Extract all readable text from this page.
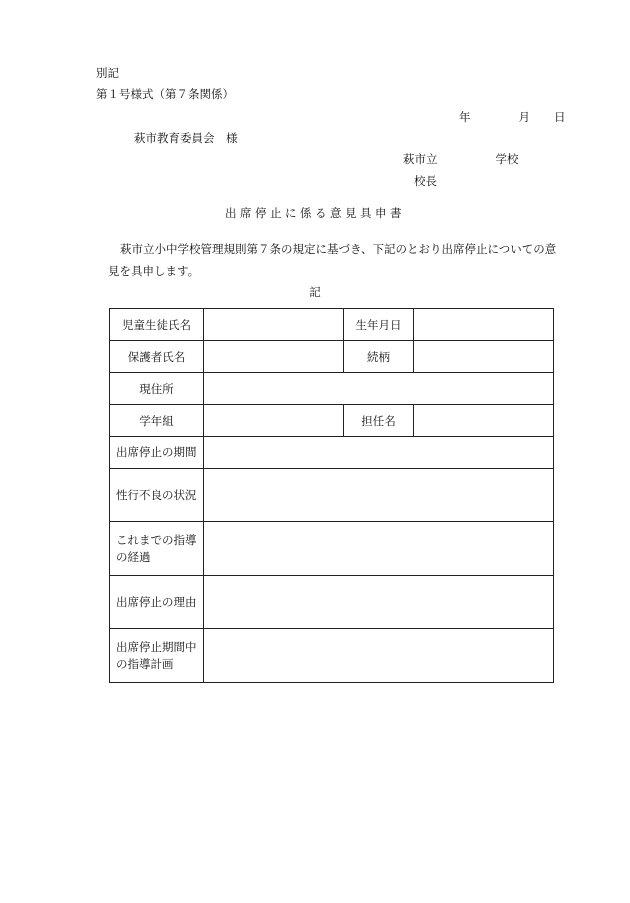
別記
第１号様式（第７条関係）
年	月 日
萩市教育委員会　様
萩市立	学校
校長
出席停止に係る意見具申書
萩市立小中学校管理規則第７条の規定に基づき、下記のとおり出席停止についての意見を具申します。
記
児童生徒氏名		生年月日	
保護者氏名		続柄	
現住所			
学年組		担任名	
出席停止の期間			
性行不良の状況			

これまでの指導
の経過			

出席停止の理由			

出席停止期間中
の指導計画			
